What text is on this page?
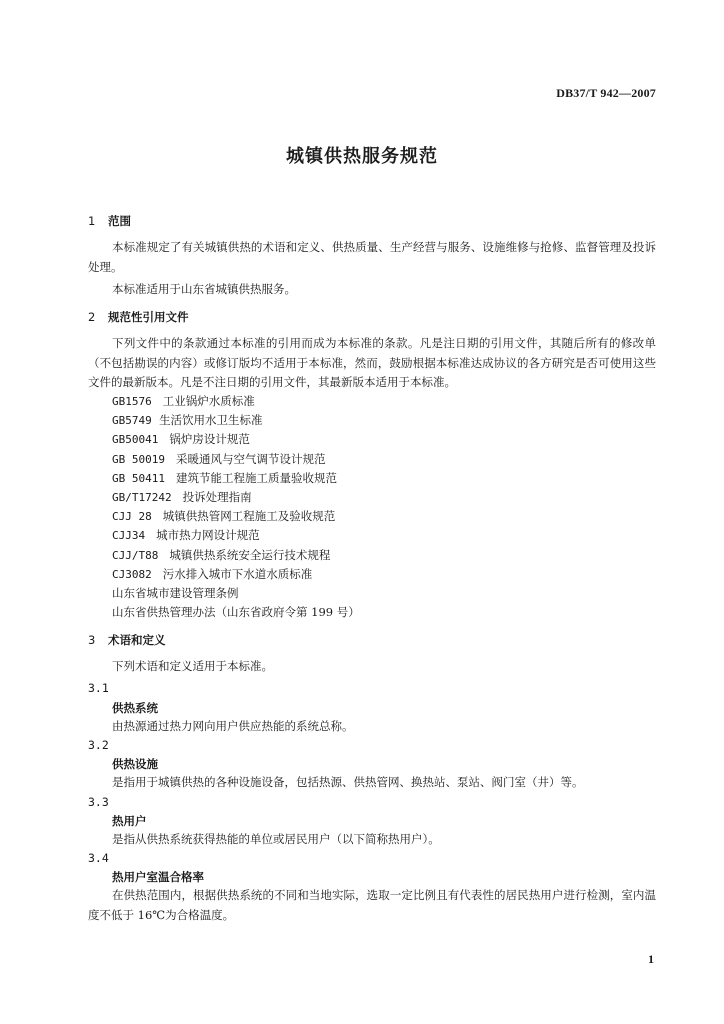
DB37/T 942—2007
城镇供热服务规范
1 范围
本标准规定了有关城镇供热的术语和定义、供热质量、生产经营与服务、设施维修与抢修、监督管理及投诉处理。
本标准适用于山东省城镇供热服务。
2 规范性引用文件
下列文件中的条款通过本标准的引用而成为本标准的条款。凡是注日期的引用文件，其随后所有的修改单（不包括勘误的内容）或修订版均不适用于本标准，然而，鼓励根据本标准达成协议的各方研究是否可使用这些文件的最新版本。凡是不注日期的引用文件，其最新版本适用于本标准。
GB1576 工业锅炉水质标准
GB5749 生活饮用水卫生标准
GB50041 锅炉房设计规范
GB 50019 采暖通风与空气调节设计规范
GB 50411 建筑节能工程施工质量验收规范
GB/T17242 投诉处理指南
CJJ 28 城镇供热管网工程施工及验收规范
CJJ34 城市热力网设计规范
CJJ/T88 城镇供热系统安全运行技术规程
CJ3082 污水排入城市下水道水质标准
山东省城市建设管理条例
山东省供热管理办法（山东省政府令第 199 号）
3 术语和定义
下列术语和定义适用于本标准。
3.1
供热系统
由热源通过热力网向用户供应热能的系统总称。
3.2
供热设施
是指用于城镇供热的各种设施设备，包括热源、供热管网、换热站、泵站、阀门室（井）等。
3.3
热用户
是指从供热系统获得热能的单位或居民用户（以下简称热用户）。
3.4
热用户室温合格率
在供热范围内，根据供热系统的不同和当地实际，选取一定比例且有代表性的居民热用户进行检测，室内温度不低于 16℃为合格温度。
1
